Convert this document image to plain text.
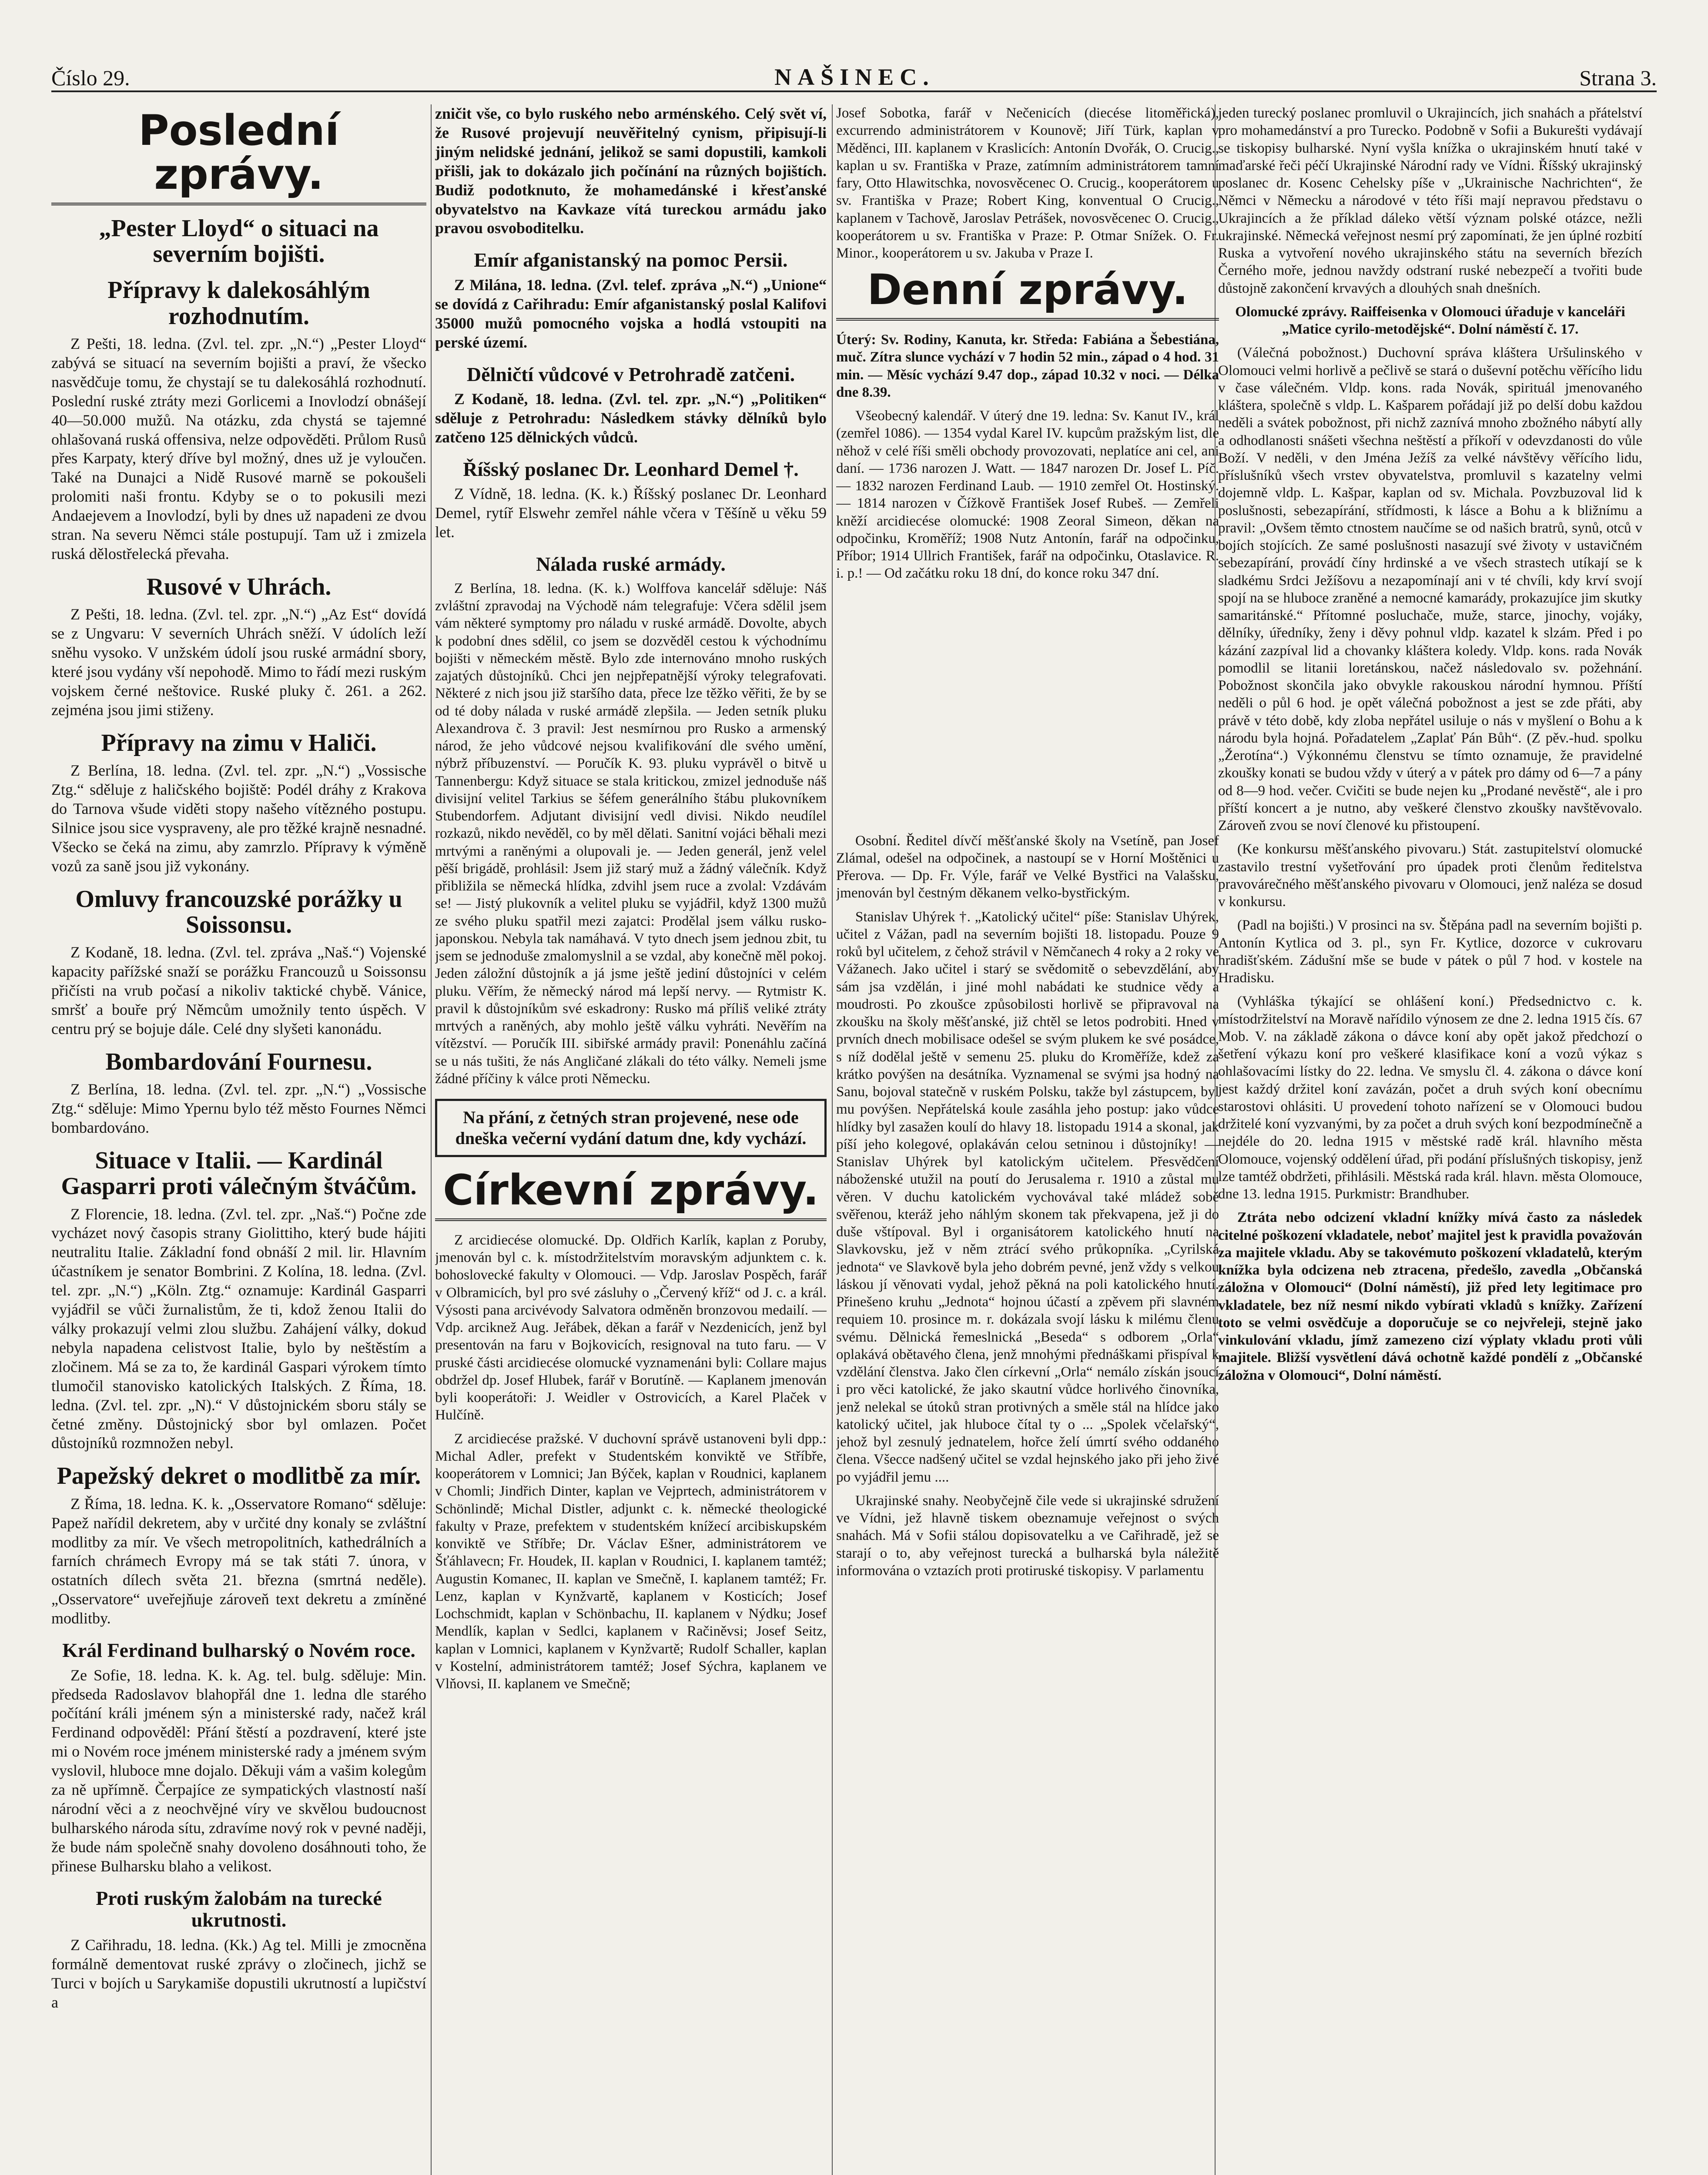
Číslo 29.	NAŠINEC.	Strana 3.
Poslední zprávy.
„Pester Lloyd“ o situaci na severním bojišti.
Přípravy k dalekosáhlým rozhodnutím.

Z Pešti, 18. ledna. (Zvl. tel. zpr. „N.“) „Pester Lloyd“ zabývá se situací na severním bojišti a praví, že všecko nasvědčuje tomu, že chystají se tu dalekosáhlá rozhodnutí. Poslední ruské ztráty mezi Gorlicemi a Inovlodzí obnášejí 40—50.000 mužů. Na otázku, zda chystá se tajemné ohlašovaná ruská offensiva, nelze odpověděti. Průlom Rusů přes Karpaty, který dříve byl možný, dnes už je vyloučen. Také na Dunajci a Nidě Rusové marně se pokoušeli prolomiti naši frontu. Kdyby se o to pokusili mezi Andaejevem a Inovlodzí, byli by dnes už napadeni ze dvou stran. Na severu Němci stále postupují. Tam už i zmizela ruská dělostřelecká převaha.

Rusové v Uhrách.

Z Pešti, 18. ledna. (Zvl. tel. zpr. „N.“) „Az Est“ dovídá se z Ungvaru: V severních Uhrách sněží. V údolích leží sněhu vysoko. V unžském údolí jsou ruské armádní sbory, které jsou vydány vší nepohodě. Mimo to řádí mezi ruským vojskem černé neštovice. Ruské pluky č. 261. a 262. zejména jsou jimi stiženy.

Přípravy na zimu v Haliči.

Z Berlína, 18. ledna. (Zvl. tel. zpr. „N.“) „Vossische Ztg.“ sděluje z haličského bojiště: Podél dráhy z Krakova do Tarnova všude viděti stopy našeho vítězného postupu. Silnice jsou sice vyspraveny, ale pro těžké krajně nesnadné. Všecko se čeká na zimu, aby zamrzlo. Přípravy k výměně vozů za saně jsou již vykonány.

Omluvy francouzské porážky u Soissonsu.

Z Kodaně, 18. ledna. (Zvl. tel. zpráva „Naš.“) Vojenské kapacity pařížské snaží se porážku Francouzů u Soissonsu přičísti na vrub počasí a nikoliv taktické chybě. Vánice, smršť a bouře prý Němcům umožnily tento úspěch. V centru prý se bojuje dále. Celé dny slyšeti kanonádu.

Bombardování Fournesu.

Z Berlína, 18. ledna. (Zvl. tel. zpr. „N.“) „Vossische Ztg.“ sděluje: Mimo Ypernu bylo též město Fournes Němci bombardováno.

Situace v Italii. — Kardinál Gasparri proti válečným štváčům.

Z Florencie, 18. ledna. (Zvl. tel. zpr. „Naš.“) Počne zde vycházet nový časopis strany Giolittiho, který bude hájiti neutralitu Italie. Základní fond obnáší 2 mil. lir. Hlavním účastníkem je senator Bombrini. Z Kolína, 18. ledna. (Zvl. tel. zpr. „N.“) „Köln. Ztg.“ oznamuje: Kardinál Gasparri vyjádřil se vůči žurnalistům, že ti, kdož ženou Italii do války prokazují velmi zlou službu. Zahájení války, dokud nebyla napadena celistvost Italie, bylo by neštěstím a zločinem. Má se za to, že kardinál Gaspari výrokem tímto tlumočil stanovisko katolických Italských. Z Říma, 18. ledna. (Zvl. tel. zpr. „N).“ V důstojnickém sboru stály se četné změny. Důstojnický sbor byl omlazen. Počet důstojníků rozmnožen nebyl.

Papežský dekret o modlitbě za mír.

Z Říma, 18. ledna. K. k. „Osservatore Romano“ sděluje: Papež nařídil dekretem, aby v určité dny konaly se zvláštní modlitby za mír. Ve všech metropolitních, kathedrálních a farních chrámech Evropy má se tak státi 7. února, v ostatních dílech světa 21. března (smrtná neděle). „Osservatore“ uveřejňuje zároveň text dekretu a zmíněné modlitby.

Král Ferdinand bulharský o Novém roce.

Ze Sofie, 18. ledna. K. k. Ag. tel. bulg. sděluje: Min. předseda Radoslavov blahopřál dne 1. ledna dle starého počítání králi jménem sýn a ministerské rady, načež král Ferdinand odpověděl: Přání štěstí a pozdravení, které jste mi o Novém roce jménem ministerské rady a jménem svým vyslovil, hluboce mne dojalo. Děkuji vám a vašim kolegům za ně upřímně. Čerpajíce ze sympatických vlastností naší národní věci a z neochvějné víry ve skvělou budoucnost bulharského národa sítu, zdravíme nový rok v pevné naději, že bude nám společně snahy dovoleno dosáhnouti toho, že přinese Bulharsku blaho a velikost.

Proti ruským žalobám na turecké ukrutnosti.

Z Cařihradu, 18. ledna. (Kk.) Ag tel. Milli je zmocněna formálně dementovat ruské zprávy o zločinech, jichž se Turci v bojích u Sarykamiše dopustili ukrutností a lupičství a

zničit vše, co bylo ruského nebo arménského. Celý svět ví, že Rusové projevují neuvěřitelný cynism, připisují-li jiným nelidské jednání, jelikož se sami dopustili, kamkoli přišli, jak to dokázalo jich počínání na různých bojištích. Budiž podotknuto, že mohamedánské i křesťanské obyvatelstvo na Kavkaze vítá tureckou armádu jako pravou osvoboditelku.

Emír afganistanský na pomoc Persii.

Z Milána, 18. ledna. (Zvl. telef. zpráva „N.“) „Unione“ se dovídá z Cařihradu: Emír afganistanský poslal Kalifovi 35000 mužů pomocného vojska a hodlá vstoupiti na perské území.

Dělničtí vůdcové v Petrohradě zatčeni.

Z Kodaně, 18. ledna. (Zvl. tel. zpr. „N.“) „Politiken“ sděluje z Petrohradu: Následkem stávky dělníků bylo zatčeno 125 dělnických vůdců.

Říšský poslanec Dr. Leonhard Demel †.

Z Vídně, 18. ledna. (K. k.) Říšský poslanec Dr. Leonhard Demel, rytíř Elswehr zemřel náhle včera v Těšíně u věku 59 let.

Nálada ruské armády.

Z Berlína, 18. ledna. (K. k.) Wolffova kancelář sděluje: Náš zvláštní zpravodaj na Východě nám telegrafuje: Včera sdělil jsem vám některé symptomy pro náladu v ruské armádě. Dovolte, abych k podobní dnes sdělil, co jsem se dozvěděl cestou k východnímu bojišti v německém městě. Bylo zde internováno mnoho ruských zajatých důstojníků. Chci jen nejpřepatnější výroky telegrafovati. Některé z nich jsou již staršího data, přece lze těžko věřiti, že by se od té doby nálada v ruské armádě zlepšila. — Jeden setník pluku Alexandrova č. 3 pravil: Jest nesmírnou pro Rusko a armenský národ, že jeho vůdcové nejsou kvalifikování dle svého umění, nýbrž příbuzenství. — Poručík K. 93. pluku vyprávěl o bitvě u Tannenbergu: Když situace se stala kritickou, zmizel jednoduše náš divisijní velitel Tarkius se šéfem generálního štábu plukovníkem Stubendorfem. Adjutant divisijní vedl divisi. Nikdo neudílel rozkazů, nikdo nevěděl, co by měl dělati. Sanitní vojáci běhali mezi mrtvými a raněnými a olupovali je. — Jeden generál, jenž velel pěší brigádě, prohlásil: Jsem již starý muž a žádný válečník. Když přibližila se německá hlídka, zdvihl jsem ruce a zvolal: Vzdávám se! — Jistý plukovník a velitel pluku se vyjádřil, když 1300 mužů ze svého pluku spatřil mezi zajatci: Prodělal jsem válku rusko-japonskou. Nebyla tak namáhavá. V tyto dnech jsem jednou zbit, tu jsem se jednoduše zmalomyslnil a se vzdal, aby konečně měl pokoj. Jeden záložní důstojník a já jsme ještě jediní důstojníci v celém pluku. Věřím, že německý národ má lepší nervy. — Rytmistr K. pravil k důstojníkům své eskadrony: Rusko má příliš veliké ztráty mrtvých a raněných, aby mohlo ještě válku vyhráti. Nevěřím na vítězství. — Poručík III. sibiřské armády pravil: Ponenáhlu začíná se u nás tušiti, že nás Angličané zlákali do této války. Nemeli jsme žádné příčiny k válce proti Německu.

Na přání, z četných stran projevené, nese ode dneška večerní vydání datum dne, kdy vychází.
Církevní zprávy.

Z arcidiecése olomucké. Dp. Oldřich Karlík, kaplan z Poruby, jmenován byl c. k. místodržitelstvím moravským adjunktem c. k. bohoslovecké fakulty v Olomouci. — Vdp. Jaroslav Pospěch, farář v Olbramicích, byl pro své zásluhy o „Červený kříž“ od J. c. a král. Výsosti pana arcivévody Salvatora odměněn bronzovou medailí. — Vdp. arciknež Aug. Jeřábek, děkan a farář v Nezdenicích, jenž byl presentován na faru v Bojkovicích, resignoval na tuto faru. — V pruské části arcidiecése olomucké vyznamenáni byli: Collare majus obdržel dp. Josef Hlubek, farář v Borutíně. — Kaplanem jmenován byli kooperátoři: J. Weidler v Ostrovicích, a Karel Plaček v Hulčíně.

Z arcidiecése pražské. V duchovní správě ustanoveni byli dpp.: Michal Adler, prefekt v Studentském konviktě ve Stříbře, kooperátorem v Lomnici; Jan Býček, kaplan v Roudnici, kaplanem v Chomli; Jindřich Dinter, kaplan ve Vejprtech, administrátorem v Schönlindě; Michal Distler, adjunkt c. k. německé theologické fakulty v Praze, prefektem v studentském knížecí arcibiskupském konviktě ve Stříbře; Dr. Václav Ešner, administrátorem ve Šťáhlavecn; Fr. Houdek, II. kaplan v Roudnici, I. kaplanem tamtéž; Augustin Komanec, II. kaplan ve Smečně, I. kaplanem tamtéž; Fr. Lenz, kaplan v Kynžvartě, kaplanem v Kosticích; Josef Lochschmidt, kaplan v Schönbachu, II. kaplanem v Nýdku; Josef Mendlík, kaplan v Sedlci, kaplanem v Račiněvsi; Josef Seitz, kaplan v Lomnici, kaplanem v Kynžvartě; Rudolf Schaller, kaplan v Kostelní, administrátorem tamtéž; Josef Sýchra, kaplanem ve Vlňovsi, II. kaplanem ve Smečně;

Josef Sobotka, farář v Nečenicích (diecése litoměřická), excurrendo administrátorem v Kounově; Jiří Türk, kaplan v Měděnci, III. kaplanem v Kraslicích: Antonín Dvořák, O. Crucig., kaplan u sv. Františka v Praze, zatímním administrátorem tamní fary, Otto Hlawitschka, novosvěcenec O. Crucig., kooperátorem u sv. Františka v Praze; Robert King, konventual O Crucig., kaplanem v Tachově, Jaroslav Petrášek, novosvěcenec O. Crucig., kooperátorem u sv. Františka v Praze: P. Otmar Snížek. O. Fr. Minor., kooperátorem u sv. Jakuba v Praze I.

Denní zprávy.

Úterý: Sv. Rodiny, Kanuta, kr. Středa: Fabiána a Šebestiána, muč. Zítra slunce vychází v 7 hodin 52 min., západ o 4 hod. 31 min. — Měsíc vychází 9.47 dop., západ 10.32 v noci. — Délka dne 8.39.

Všeobecný kalendář. V úterý dne 19. ledna: Sv. Kanut IV., král (zemřel 1086). — 1354 vydal Karel IV. kupcům pražským list, dle něhož v celé říši směli obchody provozovati, neplatíce ani cel, ani daní. — 1736 narozen J. Watt. — 1847 narozen Dr. Josef L. Píč. — 1832 narozen Ferdinand Laub. — 1910 zemřel Ot. Hostinský. — 1814 narozen v Čížkově František Josef Rubeš. — Zemřeli kněží arcidiecése olomucké: 1908 Zeoral Simeon, děkan na odpočinku, Kroměříž; 1908 Nutz Antonín, farář na odpočinku, Příbor; 1914 Ullrich František, farář na odpočinku, Otaslavice. R. i. p.! — Od začátku roku 18 dní, do konce roku 347 dní.

Osobní. Ředitel dívčí měšťanské školy na Vsetíně, pan Josef Zlámal, odešel na odpočinek, a nastoupí se v Horní Moštěnici u Přerova. — Dp. Fr. Výle, farář ve Velké Bystřici na Valašsku, jmenován byl čestným děkanem velko-bystřickým.

Stanislav Uhýrek †. „Katolický učitel“ píše: Stanislav Uhýrek, učitel z Vážan, padl na severním bojišti 18. listopadu. Pouze 9 roků byl učitelem, z čehož strávil v Němčanech 4 roky a 2 roky ve Vážanech. Jako učitel i starý se svědomitě o sebevzdělání, aby sám jsa vzdělán, i jiné mohl nabádati ke studnice vědy a moudrosti. Po zkoušce způsobilosti horlivě se připravoval na zkoušku na školy měšťanské, již chtěl se letos podrobiti. Hned v prvních dnech mobilisace odešel se svým plukem ke své posádce, s níž dodělal ještě v semenu 25. pluku do Kroměříže, kdež za krátko povýšen na desátníka. Vyznamenal se svými jsa hodný na Sanu, bojoval statečně v ruském Polsku, takže byl zástupcem, byl mu povýšen. Nepřátelská koule zasáhla jeho postup: jako vůdce hlídky byl zasažen koulí do hlavy 18. listopadu 1914 a skonal, jak píší jeho kolegové, oplakáván celou setninou i důstojníky! — Stanislav Uhýrek byl katolickým učitelem. Přesvědčení náboženské utužil na poutí do Jerusalema r. 1910 a zůstal mu věren. V duchu katolickém vychovával také mládež sobě svěřenou, kteráž jeho náhlým skonem tak překvapena, jež ji do duše vštípoval. Byl i organisátorem katolického hnutí na Slavkovsku, jež v něm ztrácí svého průkopníka. „Cyrilská jednota“ ve Slavkově byla jeho dobrém pevné, jenž vždy s velkou láskou jí věnovati vydal, jehož pěkná na poli katolického hnutí. Přinešeno kruhu „Jednota“ hojnou účastí a zpěvem při slavném requiem 10. prosince m. r. dokázala svojí lásku k milému členu svému. Dělnická řemeslnická „Beseda“ s odborem „Orla“ oplakává obětavého člena, jenž mnohými přednáškami přispíval k vzdělání členstva. Jako člen církevní „Orla“ nemálo získán jsoucí i pro věci katolické, že jako skautní vůdce horlivého činovníka, jenž nelekal se útoků stran protivných a směle stál na hlídce jako katolický učitel, jak hluboce čítal ty o ... „Spolek včelařský“, jehož byl zesnulý jednatelem, hořce želí úmrtí svého oddaného člena. Všecce nadšený učitel se vzdal hejnského jako při jeho živé po vyjádřil jemu ....

Ukrajinské snahy. Neobyčejně čile vede si ukrajinské sdružení ve Vídni, jež hlavně tiskem obeznamuje veřejnost o svých snahách. Má v Sofii stálou dopisovatelku a ve Cařihradě, jež se starají o to, aby veřejnost turecká a bulharská byla náležitě informována o vztazích proti protiruské tiskopisy. V parlamentu

jeden turecký poslanec promluvil o Ukrajincích, jich snahách a přátelství pro mohamedánství a pro Turecko. Podobně v Sofii a Bukurešti vydávají se tiskopisy bulharské. Nyní vyšla knížka o ukrajinském hnutí také v maďarské řeči péčí Ukrajinské Národní rady ve Vídni. Říšský ukrajinský poslanec dr. Kosenc Cehelsky píše v „Ukrainische Nachrichten“, že Němci v Německu a národové v této říši mají nepravou představu o Ukrajincích a že příklad dáleko větší význam polské otázce, nežli ukrajinské. Německá veřejnost nesmí prý zapomínati, že jen úplné rozbití Ruska a vytvoření nového ukrajinského státu na severních březích Černého moře, jednou navždy odstraní ruské nebezpečí a tvořiti bude důstojně zakončení krvavých a dlouhých snah dnešních.

Olomucké zprávy. Raiffeisenka v Olomouci úřaduje v kanceláři „Matice cyrilo-metodějské“. Dolní náměstí č. 17.

(Válečná pobožnost.) Duchovní správa kláštera Uršulinského v Olomouci velmi horlivě a pečlivě se stará o duševní potěchu věřícího lidu v čase válečném. Vldp. kons. rada Novák, spirituál jmenovaného kláštera, společně s vldp. L. Kašparem pořádají již po delší dobu každou neděli a svátek pobožnost, při nichž zaznívá mnoho zbožného nábytí ally a odhodlanosti snášeti všechna neštěstí a příkoří v odevzdanosti do vůle Boží. V neděli, v den Jména Ježíš za velké návštěvy věřícího lidu, příslušníků všech vrstev obyvatelstva, promluvil s kazatelny velmi dojemně vldp. L. Kašpar, kaplan od sv. Michala. Povzbuzoval lid k poslušnosti, sebezapírání, střídmosti, k lásce a Bohu a k bližnímu a pravil: „Ovšem těmto ctnostem naučíme se od našich bratrů, synů, otců v bojích stojících. Ze samé poslušnosti nasazují své životy v ustavičném sebezapírání, provádí číny hrdinské a ve všech strastech utíkají se k sladkému Srdci Ježíšovu a nezapomínají ani v té chvíli, kdy krví svojí spojí na se hluboce zraněné a nemocné kamarády, prokazujíce jim skutky samaritánské.“ Přítomné posluchače, muže, starce, jinochy, vojáky, dělníky, úředníky, ženy i děvy pohnul vldp. kazatel k slzám. Před i po kázání zazpíval lid a chovanky kláštera koledy. Vldp. kons. rada Novák pomodlil se litanii loretánskou, načež následovalo sv. požehnání. Pobožnost skončila jako obvykle rakouskou národní hymnou. Příští neděli o půl 6 hod. je opět válečná pobožnost a jest se zde přáti, aby právě v této době, kdy zloba nepřátel usiluje o nás v myšlení o Bohu a k národu byla hojná. Pořadatelem „Zaplať Pán Bůh“. (Z pěv.-hud. spolku „Žerotína“.) Výkonnému členstvu se tímto oznamuje, že pravidelné zkoušky konati se budou vždy v úterý a v pátek pro dámy od 6—7 a pány od 8—9 hod. večer. Cvičiti se bude nejen ku „Prodané nevěstě“, ale i pro příští koncert a je nutno, aby veškeré členstvo zkoušky navštěvovalo. Zároveň zvou se noví členové ku přistoupení.

(Ke konkursu měšťanského pivovaru.) Stát. zastupitelství olomucké zastavilo trestní vyšetřování pro úpadek proti členům ředitelstva pravovárečného měšťanského pivovaru v Olomouci, jenž naléza se dosud v konkursu.

(Padl na bojišti.) V prosinci na sv. Štěpána padl na severním bojišti p. Antonín Kytlica od 3. pl., syn Fr. Kytlice, dozorce v cukrovaru hradišťském. Zádušní mše se bude v pátek o půl 7 hod. v kostele na Hradisku.

(Vyhláška týkající se ohlášení koní.) Předsednictvo c. k. místodržitelství na Moravě nařídilo výnosem ze dne 2. ledna 1915 čís. 67 Mob. V. na základě zákona o dávce koní aby opět jakož předchozí o šetření výkazu koní pro veškeré klasifikace koní a vozů výkaz s ohlašovacími lístky do 22. ledna. Ve smyslu čl. 4. zákona o dávce koní jest každý držitel koní zavázán, počet a druh svých koní obecnímu starostovi ohlásiti. U provedení tohoto nařízení se v Olomouci budou držitelé koní vyzvanými, by za počet a druh svých koní bezpodmínečně a nejdéle do 20. ledna 1915 v městské radě král. hlavního města Olomouce, vojenský oddělení úřad, při podání příslušných tiskopisy, jenž lze tamtéž obdržeti, přihlásili. Městská rada král. hlavn. města Olomouce, dne 13. ledna 1915. Purkmistr: Brandhuber.

Ztráta nebo odcizení vkladní knížky mívá často za následek citelné poškození vkladatele, neboť majitel jest k pravidla považován za majitele vkladu. Aby se takovémuto poškození vkladatelů, kterým knížka byla odcizena neb ztracena, předešlo, zavedla „Občanská záložna v Olomouci“ (Dolní náměstí), již před lety legitimace pro vkladatele, bez níž nesmí nikdo vybírati vkladů s knížky. Zařízení toto se velmi osvědčuje a doporučuje se co nejvřeleji, stejně jako vinkulování vkladu, jímž zamezeno cizí výplaty vkladu proti vůli majitele. Bližší vysvětlení dává ochotně každé pondělí z „Občanské záložna v Olomouci“, Dolní náměstí.
